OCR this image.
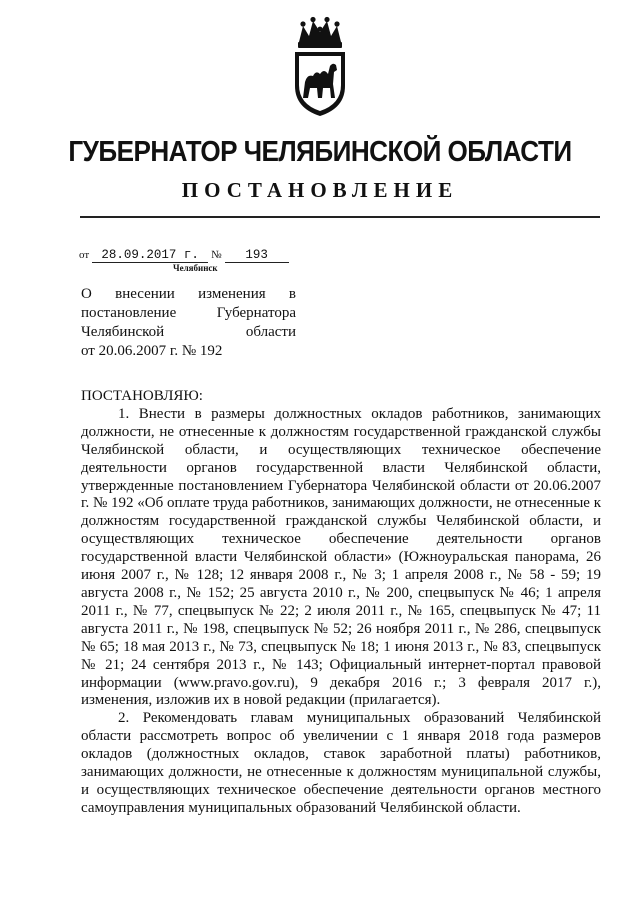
ГУБЕРНАТОР ЧЕЛЯБИНСКОЙ ОБЛАСТИ
ПОСТАНОВЛЕНИЕ
от 28.09.2017 г. № 193
Челябинск
О внесении изменения в
постановление Губернатора
Челябинской области
от 20.06.2007 г. № 192
ПОСТАНОВЛЯЮ:
1. Внести в размеры должностных окладов работников, занимающих должности, не отнесенные к должностям государственной гражданской службы Челябинской области, и осуществляющих техническое обеспечение деятельности органов государственной власти Челябинской области, утвержденные постановлением Губернатора Челябинской области от 20.06.2007 г. № 192 «Об оплате труда работников, занимающих должности, не отнесенные к должностям государственной гражданской службы Челябинской области, и осуществляющих техническое обеспечение деятельности органов государственной власти Челябинской области» (Южноуральская панорама, 26 июня 2007 г., № 128; 12 января 2008 г., № 3; 1 апреля 2008 г., № 58 - 59; 19 августа 2008 г., № 152; 25 августа 2010 г., № 200, спецвыпуск № 46; 1 апреля 2011 г., № 77, спецвыпуск № 22; 2 июля 2011 г., № 165, спецвыпуск № 47; 11 августа 2011 г., № 198, спецвыпуск № 52; 26 ноября 2011 г., № 286, спецвыпуск № 65; 18 мая 2013 г., № 73, спецвыпуск № 18; 1 июня 2013 г., № 83, спецвыпуск № 21; 24 сентября 2013 г., № 143; Официальный интернет-портал правовой информации (www.pravo.gov.ru), 9 декабря 2016 г.; 3 февраля 2017 г.), изменения, изложив их в новой редакции (прилагается).
2. Рекомендовать главам муниципальных образований Челябинской области рассмотреть вопрос об увеличении с 1 января 2018 года размеров окладов (должностных окладов, ставок заработной платы) работников, занимающих должности, не отнесенные к должностям муниципальной службы, и осуществляющих техническое обеспечение деятельности органов местного самоуправления муниципальных образований Челябинской области.
